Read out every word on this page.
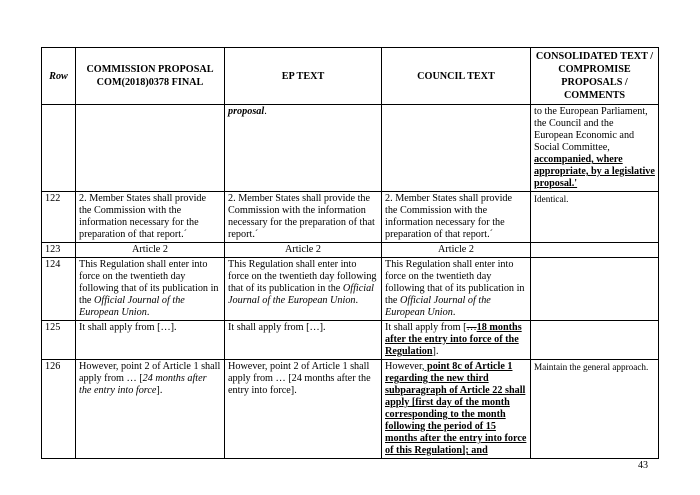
Row	COMMISSION PROPOSAL COM(2018)0378 FINAL	EP TEXT	COUNCIL TEXT	CONSOLIDATED TEXT / COMPROMISE PROPOSALS / COMMENTS
		proposal.		to the European Parliament, the Council and the European Economic and Social Committee, accompanied, where appropriate, by a legislative proposal.'
122	2. Member States shall provide the Commission with the information necessary for the preparation of that report.´	2. Member States shall provide the Commission with the information necessary for the preparation of that report.´	2. Member States shall provide the Commission with the information necessary for the preparation of that report.´	Identical.
123	Article 2	Article 2	Article 2	
124	This Regulation shall enter into force on the twentieth day following that of its publication in the Official Journal of the European Union.	This Regulation shall enter into force on the twentieth day following that of its publication in the Official Journal of the European Union.	This Regulation shall enter into force on the twentieth day following that of its publication in the Official Journal of the European Union.	
125	It shall apply from […].	It shall apply from […].	It shall apply from […18 months after the entry into force of the Regulation].	
126	However, point 2 of Article 1 shall apply from … [24 months after the entry into force].	However, point 2 of Article 1 shall apply from … [24 months after the entry into force].	However, point 8c of Article 1 regarding the new third subparagraph of Article 22 shall apply [first day of the month corresponding to the month following the period of 15 months after the entry into force of this Regulation]; and	Maintain the general approach.
43
